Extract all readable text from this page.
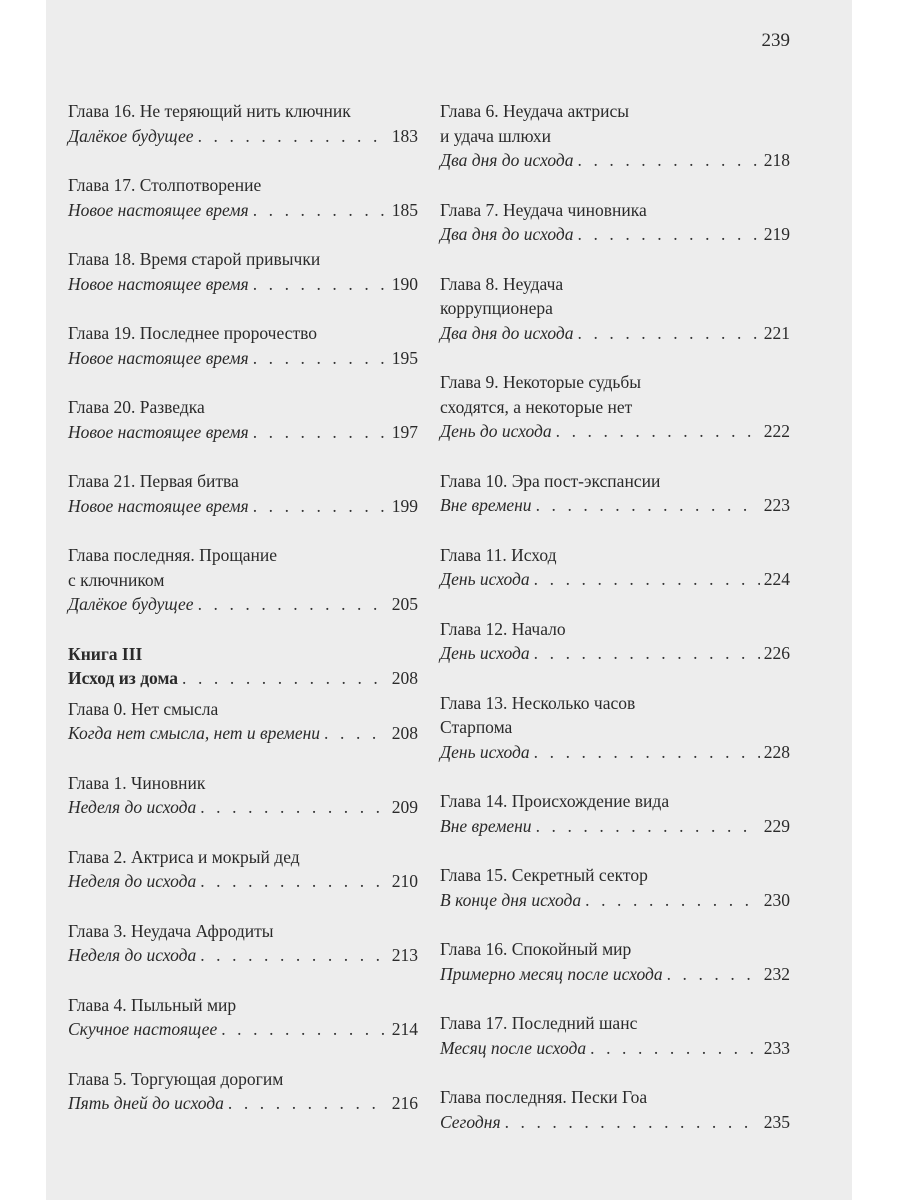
239
Глава 16. Не теряющий нить ключник
Далёкое будущее . . .	183
Глава 17. Столпотворение
Новое настоящее время . . .	185
Глава 18. Время старой привычки
Новое настоящее время . . .	190
Глава 19. Последнее пророчество
Новое настоящее время . . .	195
Глава 20. Разведка
Новое настоящее время . . .	197
Глава 21. Первая битва
Новое настоящее время . . .	199
Глава последняя. Прощание
с ключником
Далёкое будущее . . .	205
Книга III
Исход из дома . . .	208
Глава 0. Нет смысла
Когда нет смысла, нет и времени . . .	208
Глава 1. Чиновник
Неделя до исхода . . .	209
Глава 2. Актриса и мокрый дед
Неделя до исхода . . .	210
Глава 3. Неудача Афродиты
Неделя до исхода . . .	213
Глава 4. Пыльный мир
Скучное настоящее . . .	214
Глава 5. Торгующая дорогим
Пять дней до исхода . . .	216
Глава 6. Неудача актрисы
и удача шлюхи
Два дня до исхода . . .	218
Глава 7. Неудача чиновника
Два дня до исхода . . .	219
Глава 8. Неудача
коррупционера
Два дня до исхода . . .	221
Глава 9. Некоторые судьбы
сходятся, а некоторые нет
День до исхода . . .	222
Глава 10. Эра пост-экспансии
Вне времени . . .	223
Глава 11. Исход
День исхода . . .	224
Глава 12. Начало
День исхода . . .	226
Глава 13. Несколько часов
Старпома
День исхода . . .	228
Глава 14. Происхождение вида
Вне времени . . .	229
Глава 15. Секретный сектор
В конце дня исхода . . .	230
Глава 16. Спокойный мир
Примерно месяц после исхода . . .	232
Глава 17. Последний шанс
Месяц после исхода . . .	233
Глава последняя. Пески Гоа
Сегодня . . .	235
